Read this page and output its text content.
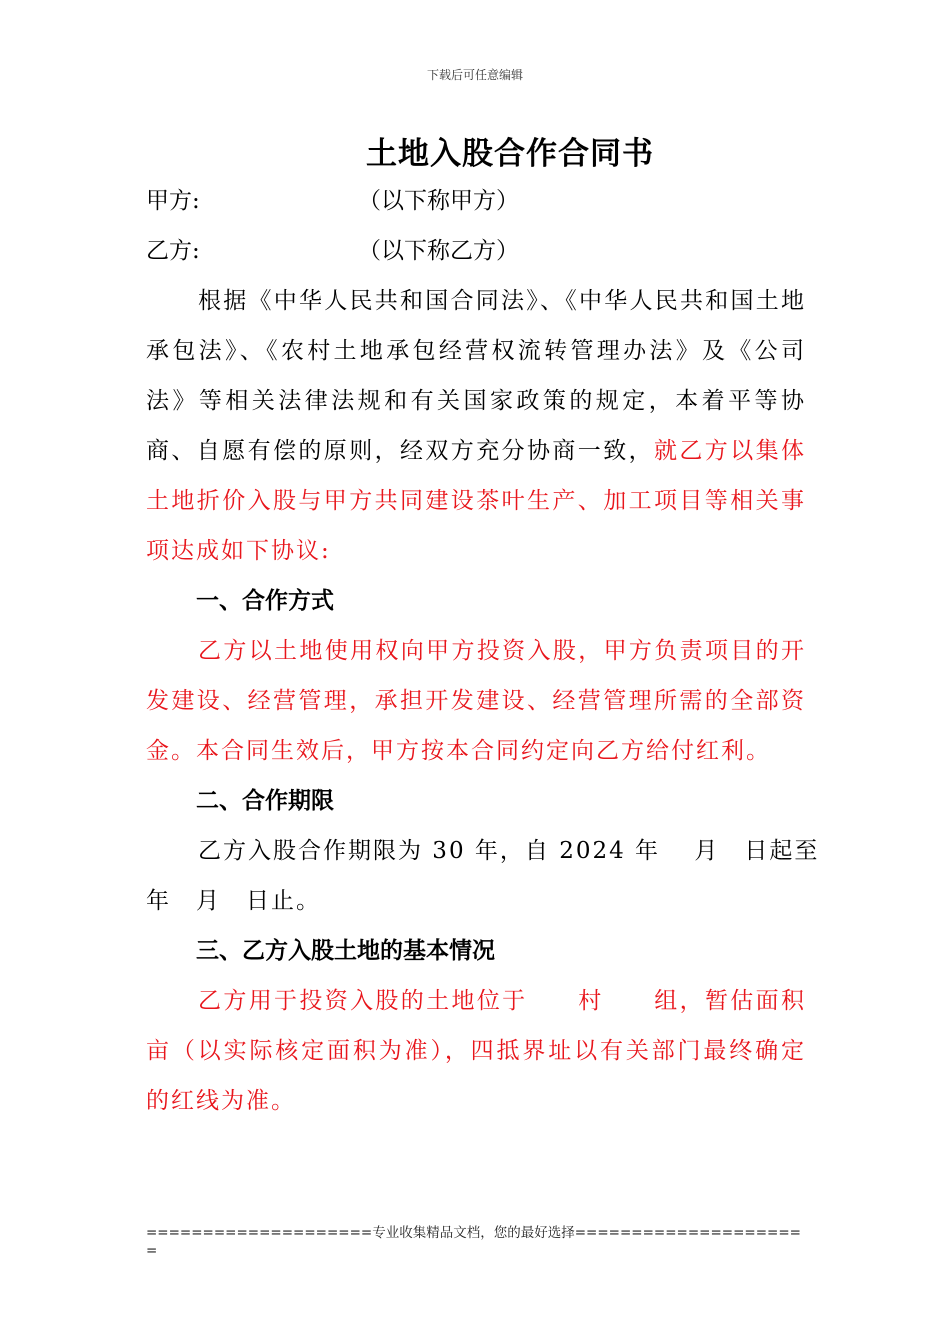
下载后可任意编辑
土地入股合作合同书
甲方:	（以下称甲方）
乙方:	（以下称乙方）
根据《中华人民共和国合同法》、《中华人民共和国土地承包法》、《农村土地承包经营权流转管理办法》及《公司法》等相关法律法规和有关国家政策的规定，本着平等协商、自愿有偿的原则，经双方充分协商一致，就乙方以集体土地折价入股与甲方共同建设茶叶生产、加工项目等相关事项达成如下协议:
一、合作方式
乙方以土地使用权向甲方投资入股，甲方负责项目的开发建设、经营管理，承担开发建设、经营管理所需的全部资金。本合同生效后，甲方按本合同约定向乙方给付红利。
二、合作期限
乙方入股合作期限为 30 年，自 2024 年　 月　日起至
年　月　日止。
三、乙方入股土地的基本情况
乙方用于投资入股的土地位于　　村　　组，暂估面积亩（以实际核定面积为准），四抵界址以有关部门最终确定的红线为准。
====================专业收集精品文档，您的最好选择=====================
